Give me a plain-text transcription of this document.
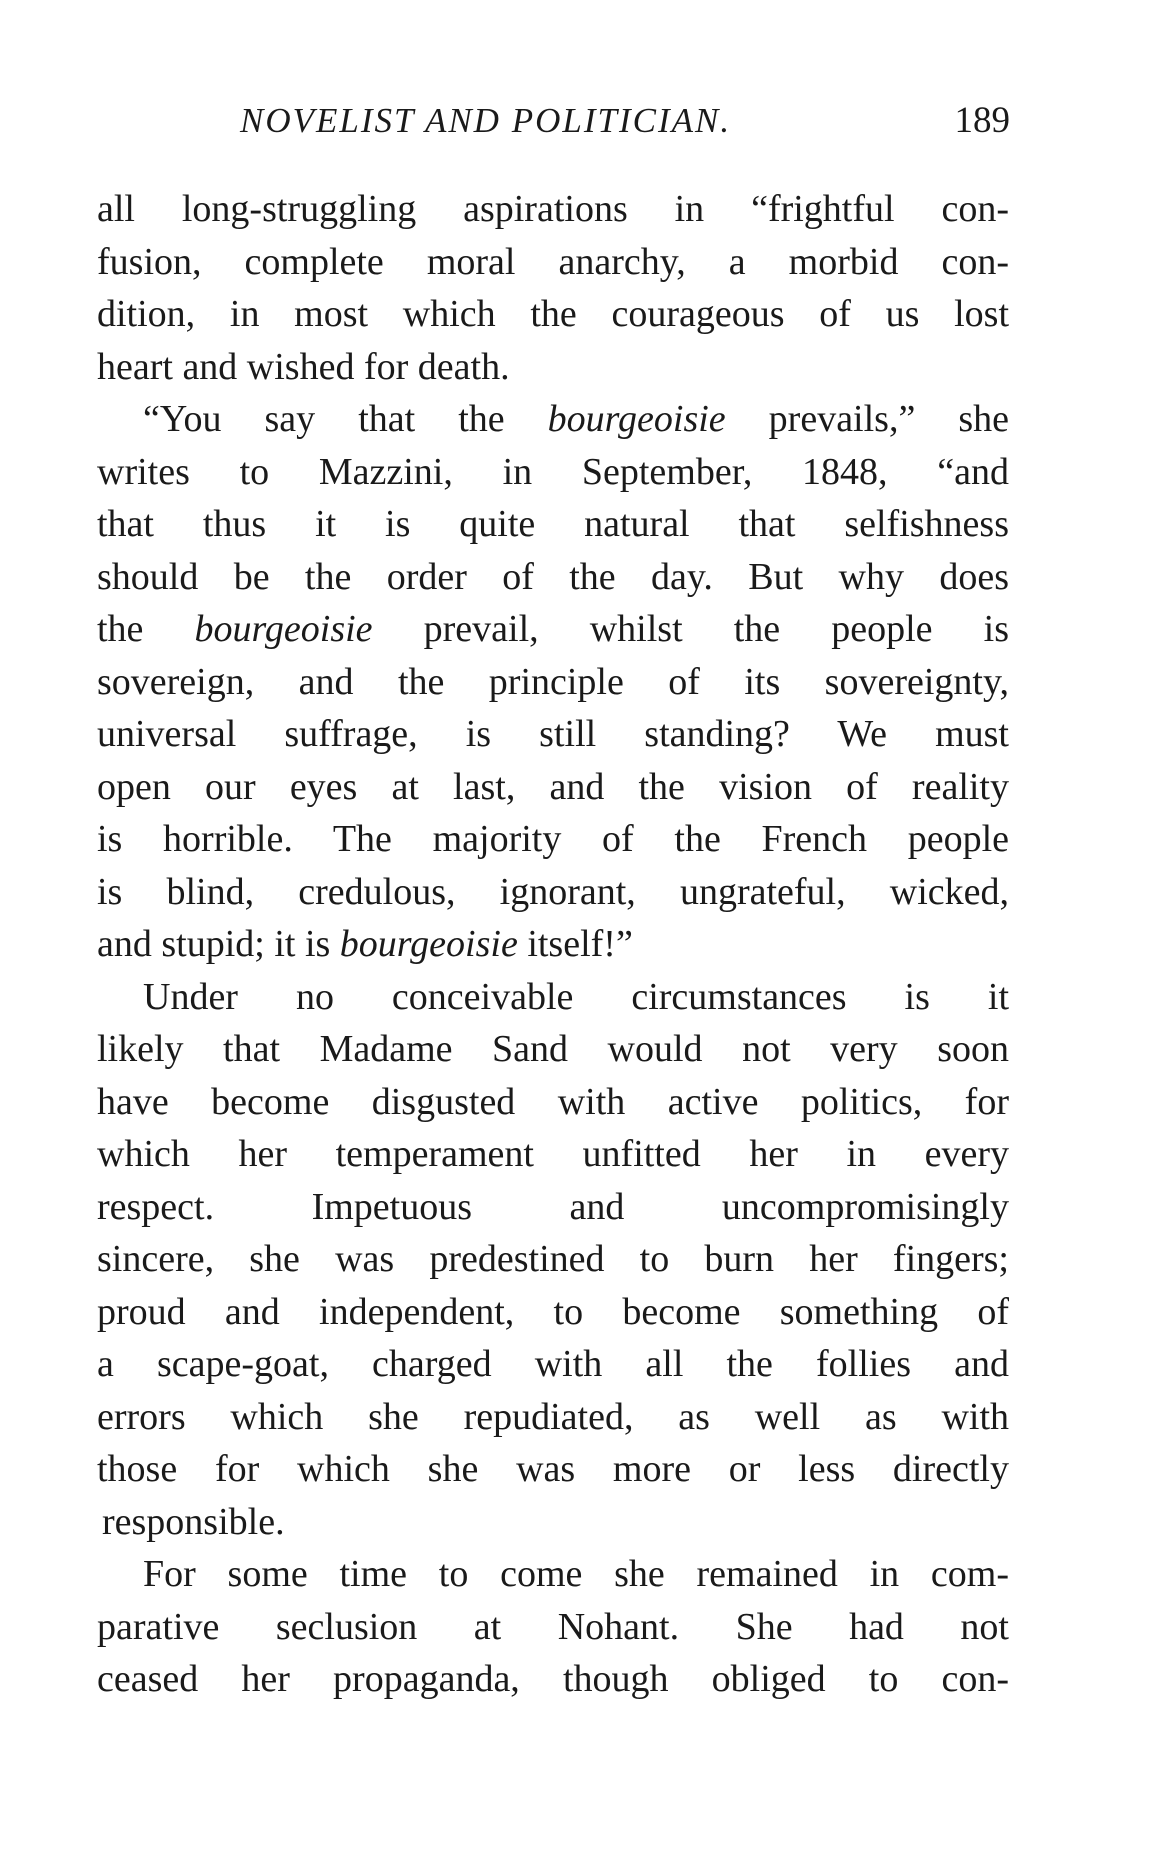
NOVELIST AND POLITICIAN.	189
all long-struggling aspirations in “frightful con-
fusion, complete moral anarchy, a morbid con-
dition, in most which the courageous of us lost
heart and wished for death.
“You say that the bourgeoisie prevails,” she
writes to Mazzini, in September, 1848, “and
that thus it is quite natural that selfishness
should be the order of the day. But why does
the bourgeoisie prevail, whilst the people is
sovereign, and the principle of its sovereignty,
universal suffrage, is still standing? We must
open our eyes at last, and the vision of reality
is horrible. The majority of the French people
is blind, credulous, ignorant, ungrateful, wicked,
and stupid; it is bourgeoisie itself!”
Under no conceivable circumstances is it
likely that Madame Sand would not very soon
have become disgusted with active politics, for
which her temperament unfitted her in every
respect. Impetuous and uncompromisingly
sincere, she was predestined to burn her fingers;
proud and independent, to become something of
a scape-goat, charged with all the follies and
errors which she repudiated, as well as with
those for which she was more or less directly
responsible.
For some time to come she remained in com-
parative seclusion at Nohant. She had not
ceased her propaganda, though obliged to con-
